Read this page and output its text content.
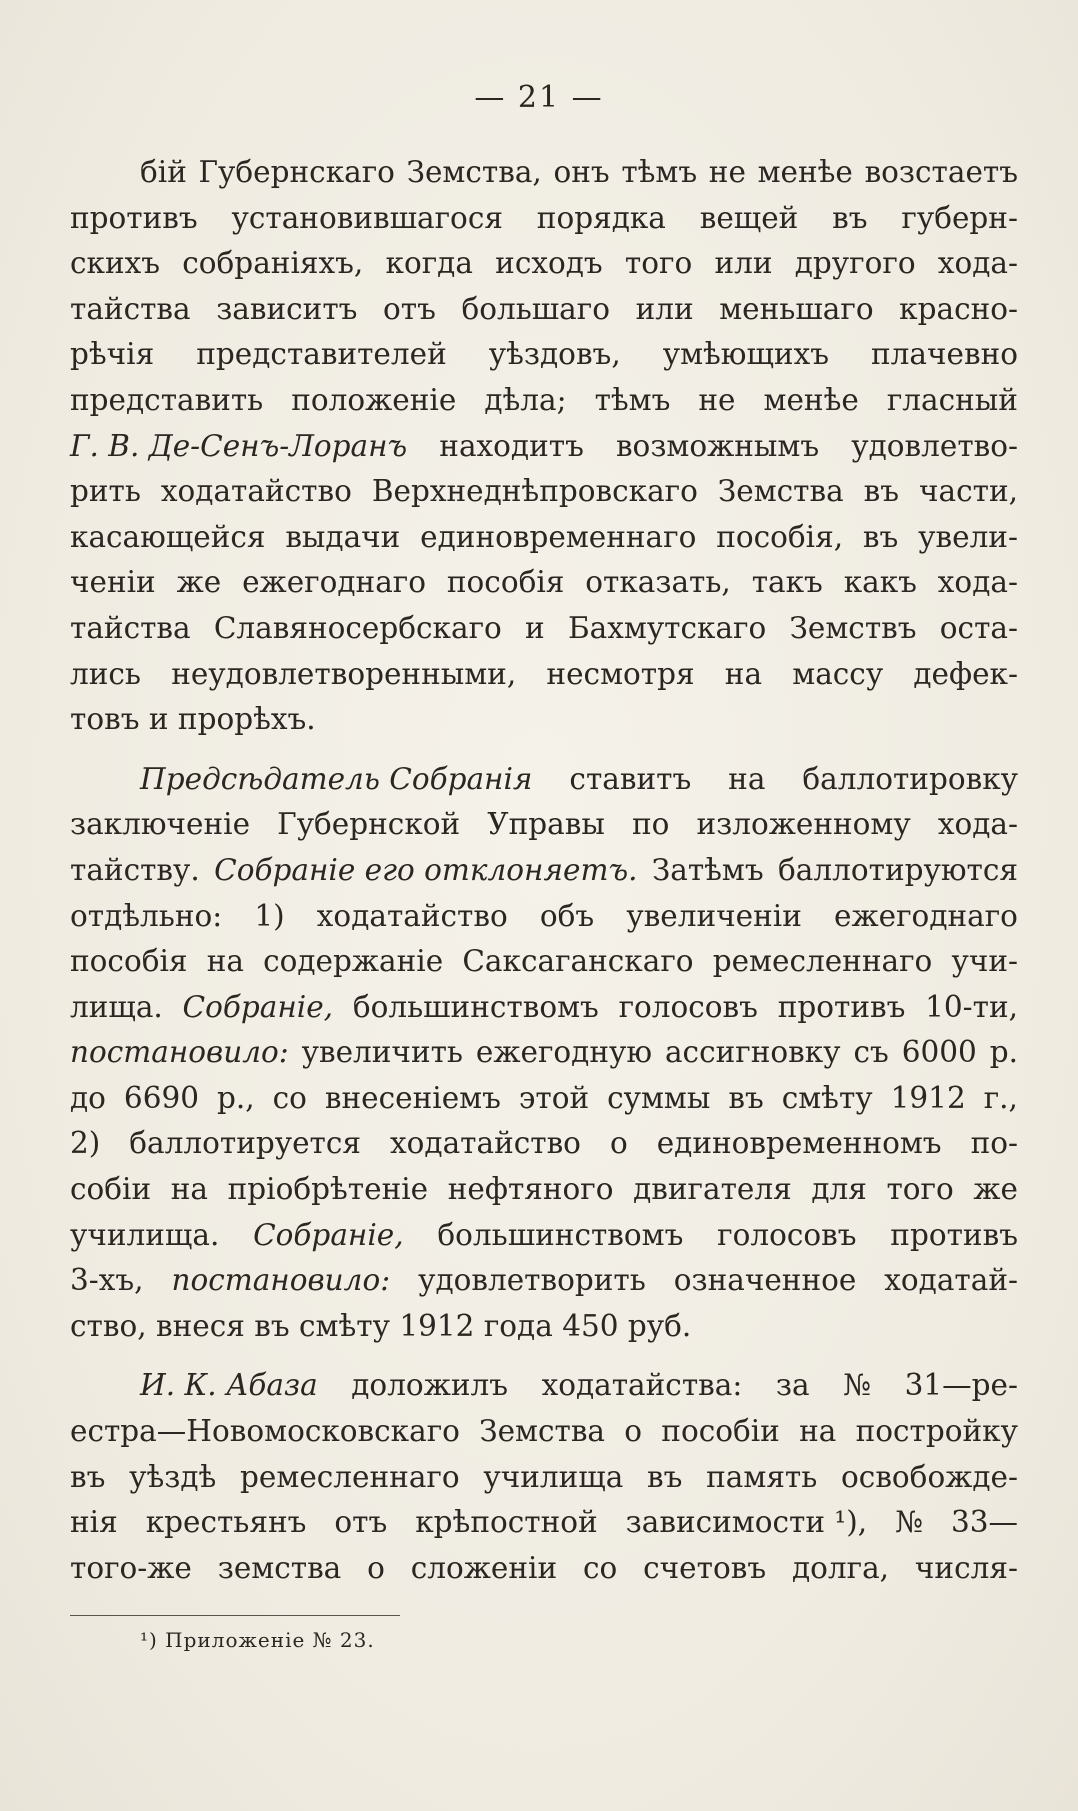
— 21 —
бій Губернскаго Земства, онъ тѣмъ не менѣе возстаетъ
противъ установившагося порядка вещей въ губерн-
скихъ собраніяхъ, когда исходъ того или другого хода-
тайства зависитъ отъ большаго или меньшаго красно-
рѣчія представителей уѣздовъ, умѣющихъ плачевно
представить положеніе дѣла; тѣмъ не менѣе гласный
Г. В. Де-Сенъ-Лоранъ находитъ возможнымъ удовлетво-
рить ходатайство Верхнеднѣпровскаго Земства въ части,
касающейся выдачи единовременнаго пособія, въ увели-
ченіи же ежегоднаго пособія отказать, такъ какъ хода-
тайства Славяносербскаго и Бахмутскаго Земствъ оста-
лись неудовлетворенными, несмотря на массу дефек-
товъ и прорѣхъ.
Предсѣдатель Собранія ставитъ на баллотировку
заключеніе Губернской Управы по изложенному хода-
тайству. Собраніе его отклоняетъ. Затѣмъ баллотируются
отдѣльно: 1) ходатайство объ увеличеніи ежегоднаго
пособія на содержаніе Саксаганскаго ремесленнаго учи-
лища. Собраніе, большинствомъ голосовъ противъ 10-ти,
постановило: увеличить ежегодную ассигновку съ 6000 р.
до 6690 р., со внесеніемъ этой суммы въ смѣту 1912 г.,
2) баллотируется ходатайство о единовременномъ по-
собіи на пріобрѣтеніе нефтяного двигателя для того же
училища. Собраніе, большинствомъ голосовъ противъ
3-хъ, постановило: удовлетворить означенное ходатай-
ство, внеся въ смѣту 1912 года 450 руб.
И. К. Абаза доложилъ ходатайства: за № 31—ре-
естра—Новомосковскаго Земства о пособіи на постройку
въ уѣздѣ ремесленнаго училища въ память освобожде-
нія крестьянъ отъ крѣпостной зависимости ¹), № 33—
того-же земства о сложеніи со счетовъ долга, числя-
¹) Приложеніе № 23.
